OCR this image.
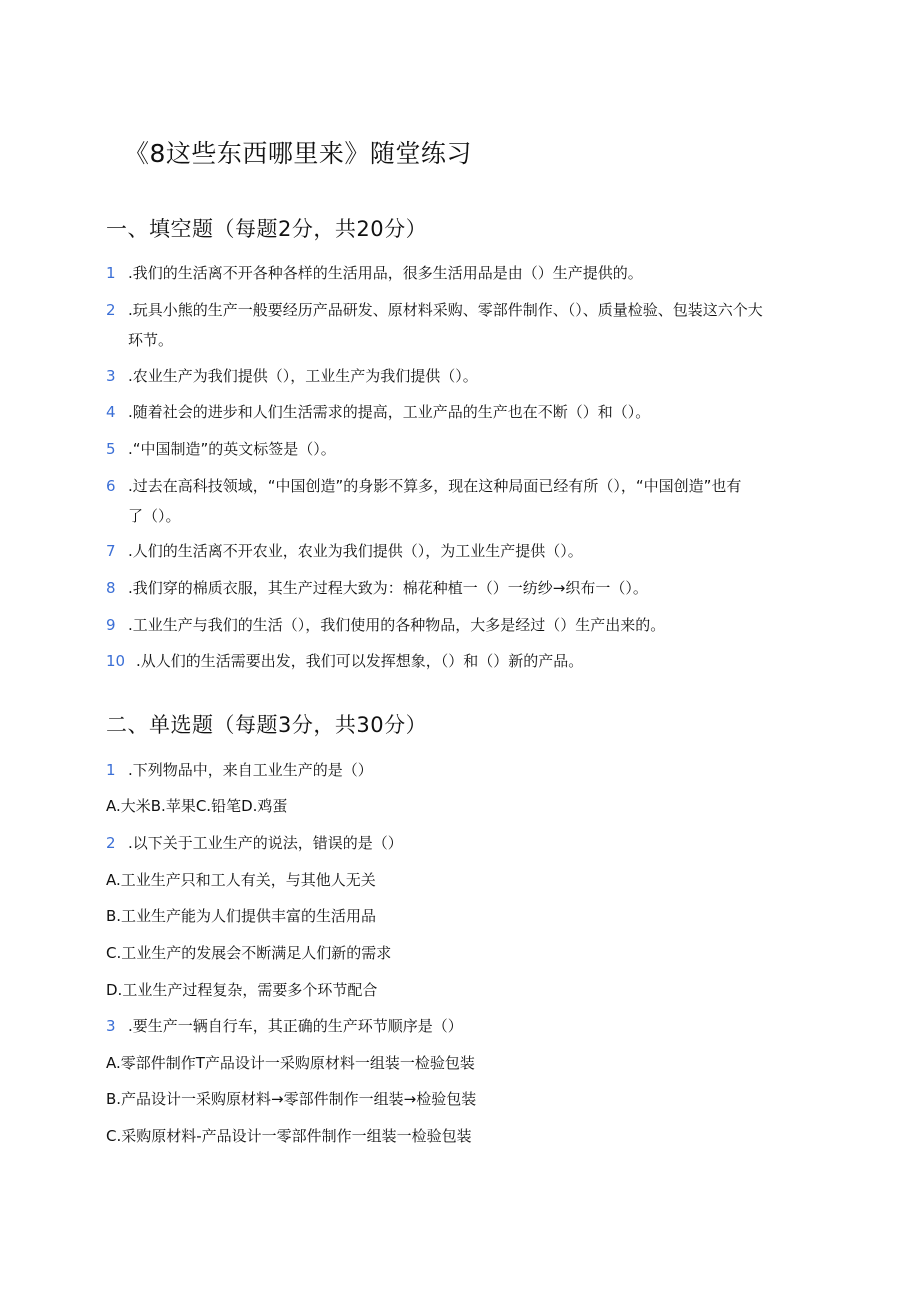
《8这些东西哪里来》随堂练习
一、填空题（每题2分，共20分）
1 .我们的生活离不开各种各样的生活用品，很多生活用品是由（）生产提供的。
2 .玩具小熊的生产一般要经历产品研发、原材料采购、零部件制作、（）、质量检验、包装这六个大
环节。
3 .农业生产为我们提供（），工业生产为我们提供（）。
4 .随着社会的进步和人们生活需求的提高，工业产品的生产也在不断（）和（）。
5 .“中国制造”的英文标签是（）。
6 .过去在高科技领域，“中国创造”的身影不算多，现在这种局面已经有所（），“中国创造”也有
了（）。
7 .人们的生活离不开农业，农业为我们提供（），为工业生产提供（）。
8 .我们穿的棉质衣服，其生产过程大致为：棉花种植一（）一纺纱→织布一（）。
9 .工业生产与我们的生活（），我们使用的各种物品，大多是经过（）生产出来的。
10 .从人们的生活需要出发，我们可以发挥想象，（）和（）新的产品。
二、单选题（每题3分，共30分）
1 .下列物品中，来自工业生产的是（）
A.大米B.苹果C.铅笔D.鸡蛋
2 .以下关于工业生产的说法，错误的是（）
A.工业生产只和工人有关，与其他人无关
B.工业生产能为人们提供丰富的生活用品
C.工业生产的发展会不断满足人们新的需求
D.工业生产过程复杂，需要多个环节配合
3 .要生产一辆自行车，其正确的生产环节顺序是（）
A.零部件制作T产品设计一采购原材料一组装一检验包装
B.产品设计一采购原材料→零部件制作一组装→检验包装
C.采购原材料-产品设计一零部件制作一组装一检验包装
